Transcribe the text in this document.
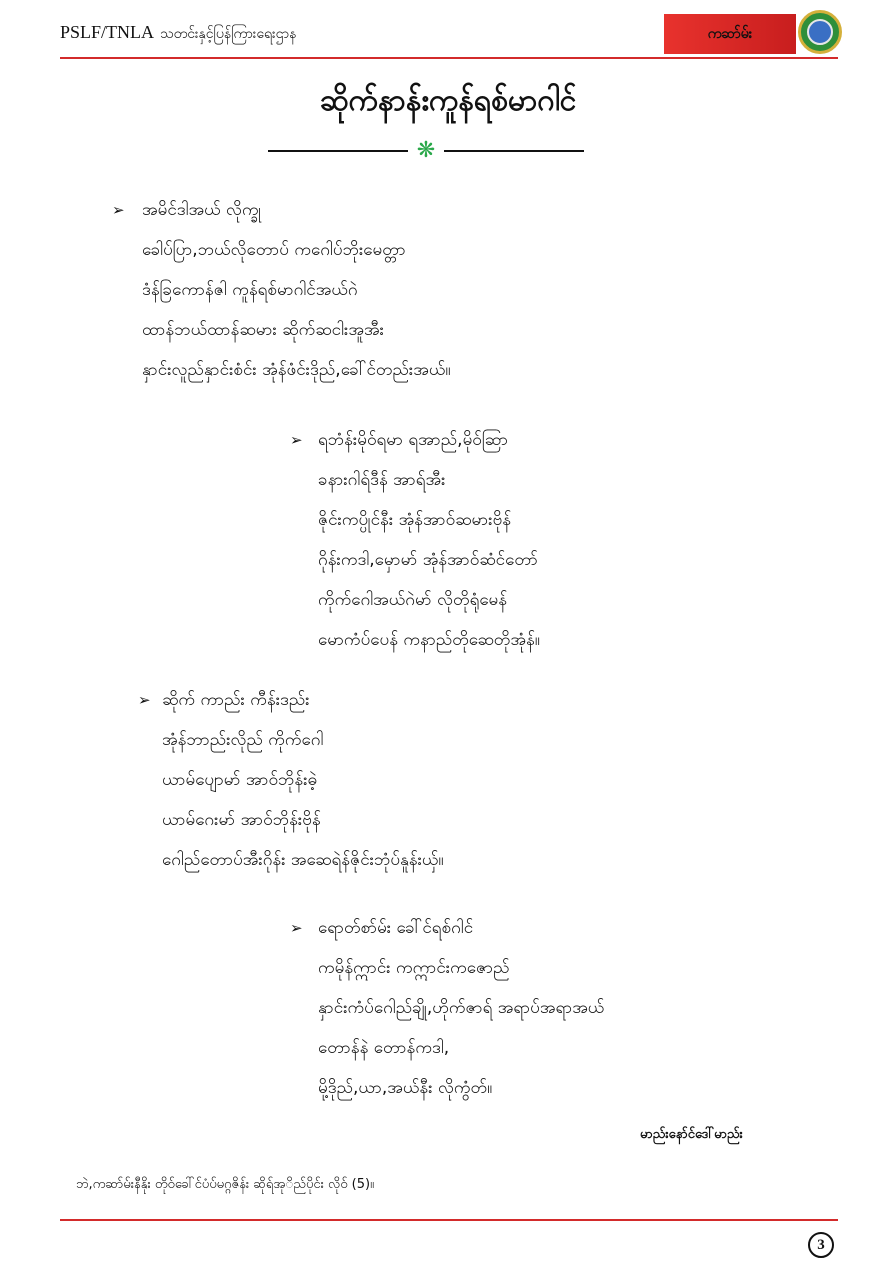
PSLF/TNLA သတင်းနှင့်ပြန်ကြားရေးဌာန	ကဆာ်မ်း
ဆိုက်နာန်းကူန်ရစ်မာဂါင်
❋
➢ အမိင်ဒါအယ် လိုက္ခု
ခေါပ်ပြာ,ဘယ်လိုတောပ် ကဂေါပ်ဘိုးမေတ္တာ
ဒံန်ခြကောန်ဇါ ကူန်ရစ်မာဂါင်အယ်ဂဲ
ထာန်ဘယ်ထာန်ဆမား ဆိုက်ဆငါးအူအီး
နှာင်းလူည်နှာင်းစံင်း အုံန်ဖံင်းဒိုည်,ခေါ်င်တည်းအယ်။
➢ ရဘံန်းမိုဝ်ရမာ ရအာည်,မိုဝ်ဆြာ
ခနားဂါရ်ဒီန် အာရ်အီး
ဇိုင်းကပ္ပိုင်နီး အုံန်အာဝ်ဆမားဗိုန်
ဂိုန်းကဒါ,မှောမာ် အုံန်အာဝ်ဆံင်တော်
ကိုက်ဂေါအယ်ဂဲမာ် လိုတိုရုံမေန်
မောကံပ်ပေန် ကနာည်တိုဆေတိုအုံန်။
➢ ဆိုက် ကာည်း ကီန်းဒည်း
အုံန်ဘာည်းလိုည် ကိုက်ဂေါ
ယာမ်ပျောမာ် အာဝ်ဘိုန်းဓဲ့
ယာမ်ဂေးမာ် အာဝ်ဘိုန်းဗိုန်
ဂေါည်တောပ်အီးဂိုန်း အဆေရဲန်ဇိုင်းဘုံပ်နူန်းယှ်။
➢ ရောတ်စာ်မ်း ခေါ်င်ရစ်ဂါင်
ကမိုန်ဣာင်း ကဣာင်းကဇောည်
နှာင်းကံပ်ဂေါည်ချို,ဟိုက်ဇာရ် အရာပ်အရာအယ်
တောန်နဲ တောန်ကဒါ,
မို့ဒိုည်,ယာ,အယ်နီး လိုကွံတ်။
မာည်းနော်င်ဒေါ်မာည်း
ဘဲ,ကဆာ်မ်းနီနိုး တိုဝ်ခေါ်င်ပံပ်မဂ္ဂဇိန်း ဆိုရ်အုိည်ပိုင်း လိုဝ် (5)။
3
